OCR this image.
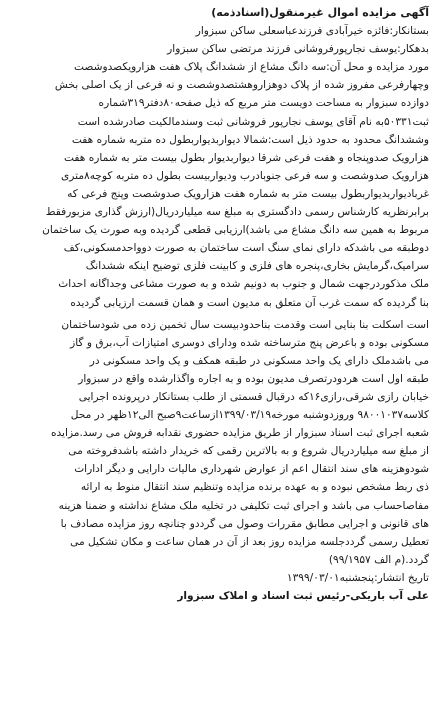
آگهی مزایده اموال غیرمنقول(اسنادذمه)
بستانکار:فائزه خیرآبادی فرزندعباسعلی ساکن سبزوار
بدهکار:یوسف نجارپورفروشانی فرزند مرتضی ساکن سبزوار
مورد مزایده و محل آن:سه دانگ مشاع از ششدانگ پلاک هفت هزارویکصدوشصت
وچهارفرعی مفروز شده از پلاک دوهزاروهشتصدوشصت و نه فرعی از یک اصلی بخش
دوازده سبزوار به مساحت دویست متر مربع که ذیل صفحه۸۰دفتر۳۱۹شماره
ثبت۵۰۳۳۱به نام آقای یوسف نجارپور فروشانی ثبت وسندمالکیت صادرشده است
وششدانگ محدود به حدود ذیل است:شمالا دیواربدیواربطول ده متربه شماره هفت
هزارویک صدوپنجاه و هفت فرعی شرقا دیواربدیوار بطول بیست متر به شماره هفت
هزارویک صدوشصت و سه فرعی جنوبادرب ودیواربیست بطول ده متربه کوچه۸متری
غربادیواربدیواربطول بیست متر به شماره هفت هزارویک صدوشصت وپنج فرعی که
برابرنظریه کارشناس رسمی دادگستری به مبلغ سه میلیاردریال(ارزش گذاری مزبورفقط
مربوط به همین سه دانگ مشاع می باشد)ارزیابی قطعی گردیده وبه صورت یک ساختمان
دوطبقه می باشدکه دارای نمای سنگ است ساختمان به صورت دوواحدمسکونی،کف
سرامیک،گرمایش بخاری،پنجره های فلزی و کابینت فلزی توضیح اینکه ششدانگ
ملک مذکوردرجهت شمال و جنوب به دونیم شده و به صورت مشاعی وجداگانه احداث
بنا گردیده که سمت غرب آن متعلق به مدیون است و همان قسمت ارزیابی گردیده
است اسکلت بنا بنایی است وقدمت بناحدودبیست سال تخمین زده می شودساختمان
مسکونی بوده و باعرض پنج مترساخته شده ودارای دوسری امتیازات آب،برق و گاز
می باشدملک دارای یک واحد مسکونی در طبقه همکف و یک واحد مسکونی در
طبقه اول است هردودرتصرف مدیون بوده و به اجاره واگذارشده واقع در سبزوار
خیابان رازی شرقی،رازی۱۶که درقبال قسمتی از طلب بستانکار درپرونده اجرایی
کلاسه۹۸۰۰۱۰۳۷ وروزدوشنبه مورخه۱۳۹۹/۰۳/۱۹ازساعت۹صبح الی۱۲ظهر در محل
شعبه اجرای ثبت اسناد سبزوار از طریق مزایده حضوری نقدابه فروش می رسد.مزایده
از مبلغ سه میلیاردریال شروع و به بالاترین رقمی که خریدار داشته باشدفروخته می
شودوهزینه های سند انتقال اعم از عوارض شهرداری مالیات دارایی و دیگر ادارات
ذی ربط مشخص نبوده و به عهده برنده مزایده وتنظیم سند انتقال منوط به ارائه
مفاصاحساب می باشد و اجرای ثبت تکلیفی در تخلیه ملک مشاع نداشته و ضمنا هزینه
های قانونی و اجرایی مطابق مقررات وصول می گرددو چنانچه روز مزایده مصادف با
تعطیل رسمی گرددجلسه مزایده روز بعد از آن در همان ساعت و مکان تشکیل می
گردد.(م الف ۹۹/۱۹۵۷)
تاریخ انتشار:پنجشنبه۱۳۹۹/۰۳/۰۱
علی آب باریکی-رئیس ثبت اسناد و املاک سبزوار
